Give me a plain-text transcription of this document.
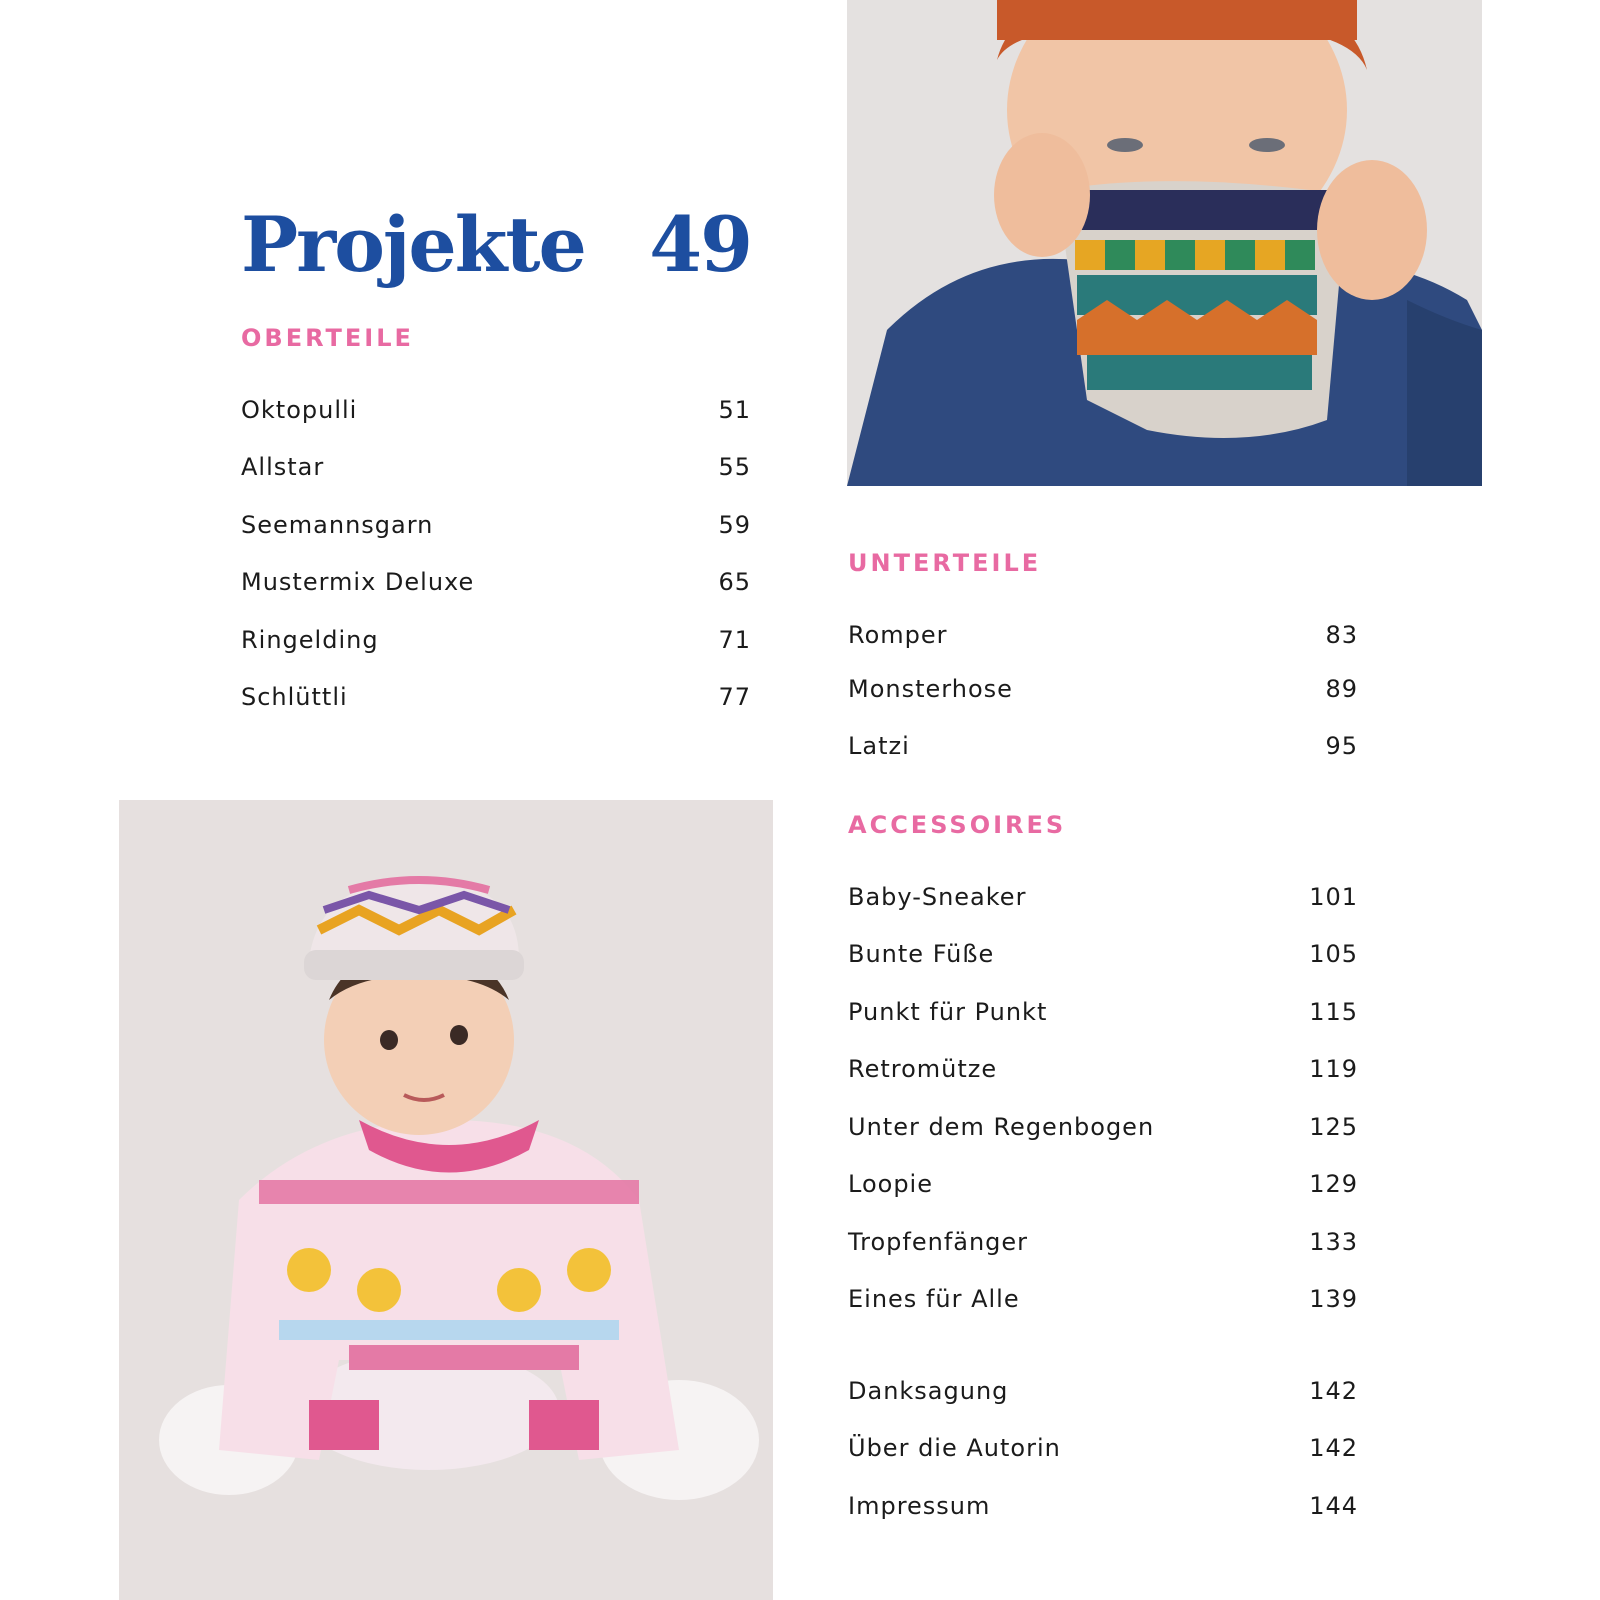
Projekte 49
OBERTEILE
Oktopulli	51
Allstar	55
Seemannsgarn	59
Mustermix Deluxe	65
Ringelding	71
Schlüttli	77
UNTERTEILE
Romper	83
Monsterhose	89
Latzi	95
ACCESSOIRES
Baby-Sneaker	101
Bunte Füße	105
Punkt für Punkt	115
Retromütze	119
Unter dem Regenbogen	125
Loopie	129
Tropfenfänger	133
Eines für Alle	139
Danksagung	142
Über die Autorin	142
Impressum	144
